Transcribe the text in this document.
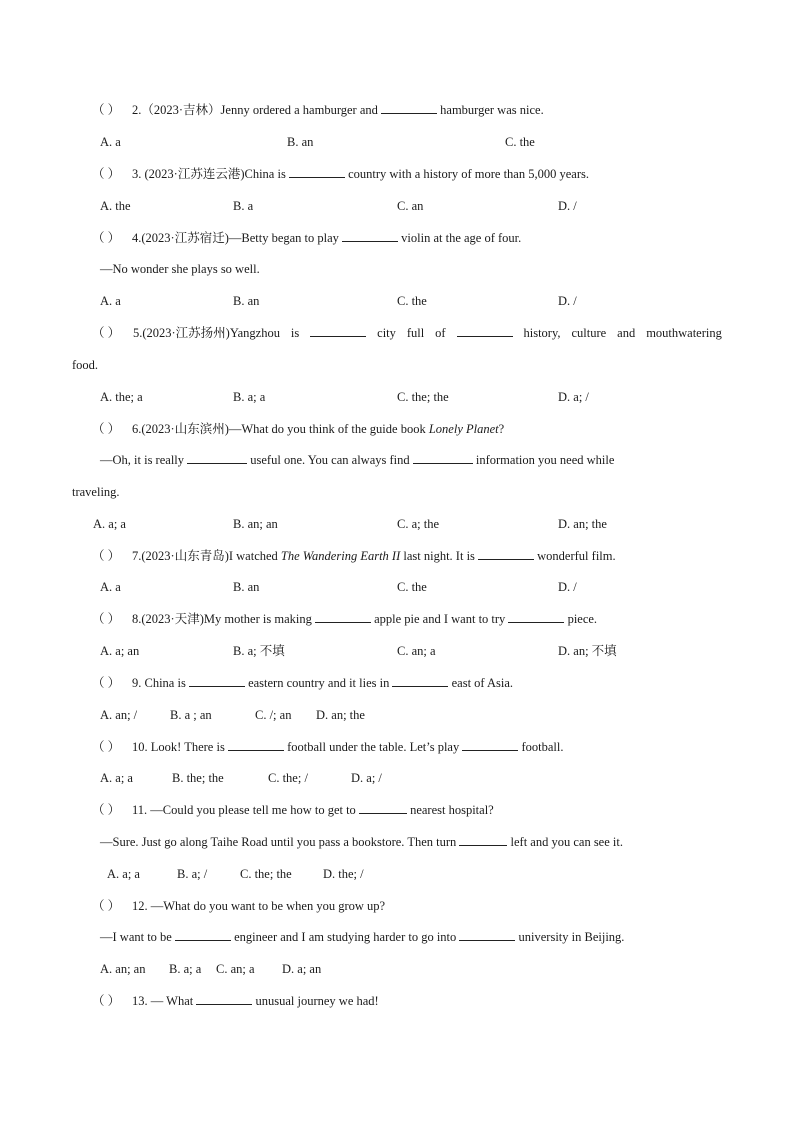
（ ） 2.（2023·吉林）Jenny ordered a hamburger and	hamburger was nice.
A. a	B. an	C. the
（ ） 3. (2023·江苏连云港)China is	country with a history of more than 5,000 years.
A. the	B. a	C. an	D. /
（ ） 4.(2023·江苏宿迁)—Betty began to play	violin at the age of four.
—No wonder she plays so well.
A. a	B. an	C. the	D. /
（ ） 5.(2023·江苏扬州)Yangzhou is	city full of	history, culture and mouthwatering
food.
A. the; a	B. a; a	C. the; the	D. a; /
（ ） 6.(2023·山东滨州)—What do you think of the guide book Lonely Planet?
—Oh, it is really	useful one. You can always find	information you need while
traveling.
A. a; a	B. an; an	C. a; the	D. an; the
（ ） 7.(2023·山东青岛)I watched The Wandering Earth II last night. It is	wonderful film.
A. a	B. an	C. the	D. /
（ ） 8.(2023·天津)My mother is making	apple pie and I want to try	piece.
A. a; an	B. a; 不填	C. an; a	D. an; 不填
（ ） 9. China is	eastern country and it lies in	east of Asia.
A. an; /	B. a ; an	C. /; an D. an; the
（ ） 10. Look! There is	football under the table. Let’s play	football.
A. a; a	B. the; the	C. the; /	D. a; /
（ ） 11. —Could you please tell me how to get to	nearest hospital?
—Sure. Just go along Taihe Road until you pass a bookstore. Then turn	left and you can see it.
A. a; a	B. a; /	C. the; the	D. the; /
（ ） 12. —What do you want to be when you grow up?
—I want to be	engineer and I am studying harder to go into	university in Beijing.
A. an; an B. a; a C. an; a D. a; an
（ ） 13. — What	unusual journey we had!
